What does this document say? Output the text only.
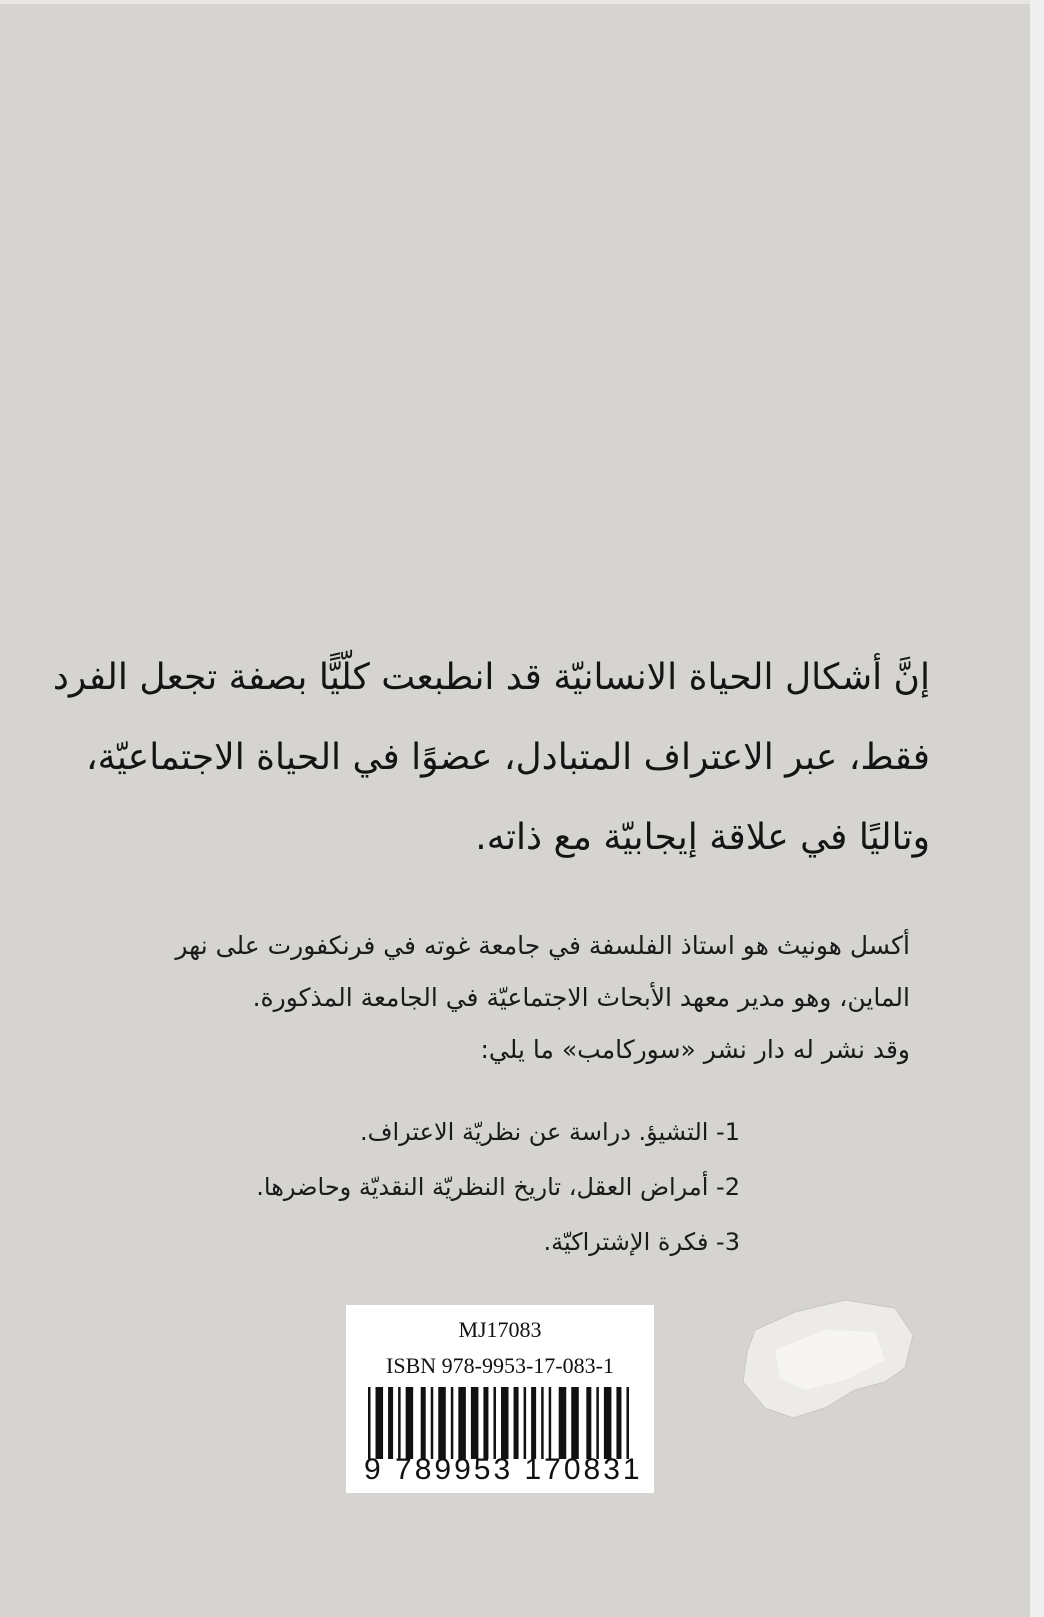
إنَّ أشكال الحياة الانسانيّة قد انطبعت كلّيًّا بصفة تجعل الفرد
فقط، عبر الاعتراف المتبادل، عضوًا في الحياة الاجتماعيّة،
وتاليًا في علاقة إيجابيّة مع ذاته.
أكسل هونيث هو استاذ الفلسفة في جامعة غوته في فرنكفورت على نهر
الماين، وهو مدير معهد الأبحاث الاجتماعيّة في الجامعة المذكورة.
وقد نشر له دار نشر «سوركامب» ما يلي:
1- التشيؤ. دراسة عن نظريّة الاعتراف.
2- أمراض العقل، تاريخ النظريّة النقديّة وحاضرها.
3- فكرة الإشتراكيّة.
MJ17083
ISBN 978-9953-17-083-1
9 789953 170831
